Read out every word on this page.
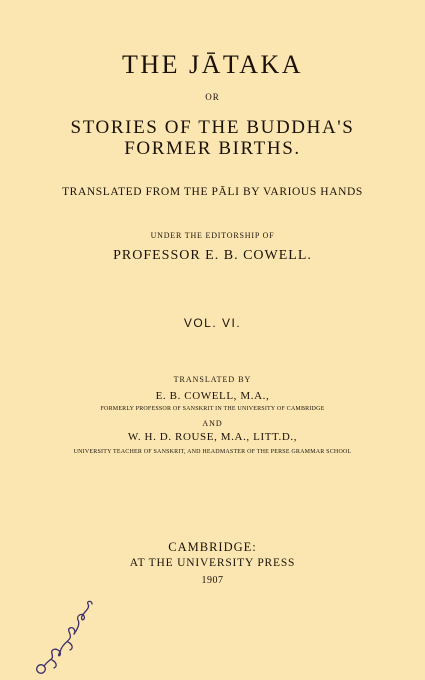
THE JĀTAKA
OR
STORIES OF THE BUDDHA'S
FORMER BIRTHS.
TRANSLATED FROM THE PĀLI BY VARIOUS HANDS
UNDER THE EDITORSHIP OF
PROFESSOR E. B. COWELL.
VOL. VI.
TRANSLATED BY
E. B. COWELL, M.A.,
FORMERLY PROFESSOR OF SANSKRIT IN THE UNIVERSITY OF CAMBRIDGE
AND
W. H. D. ROUSE, M.A., LITT.D.,
UNIVERSITY TEACHER OF SANSKRIT, AND HEADMASTER OF THE PERSE GRAMMAR SCHOOL
CAMBRIDGE:
AT THE UNIVERSITY PRESS
1907
